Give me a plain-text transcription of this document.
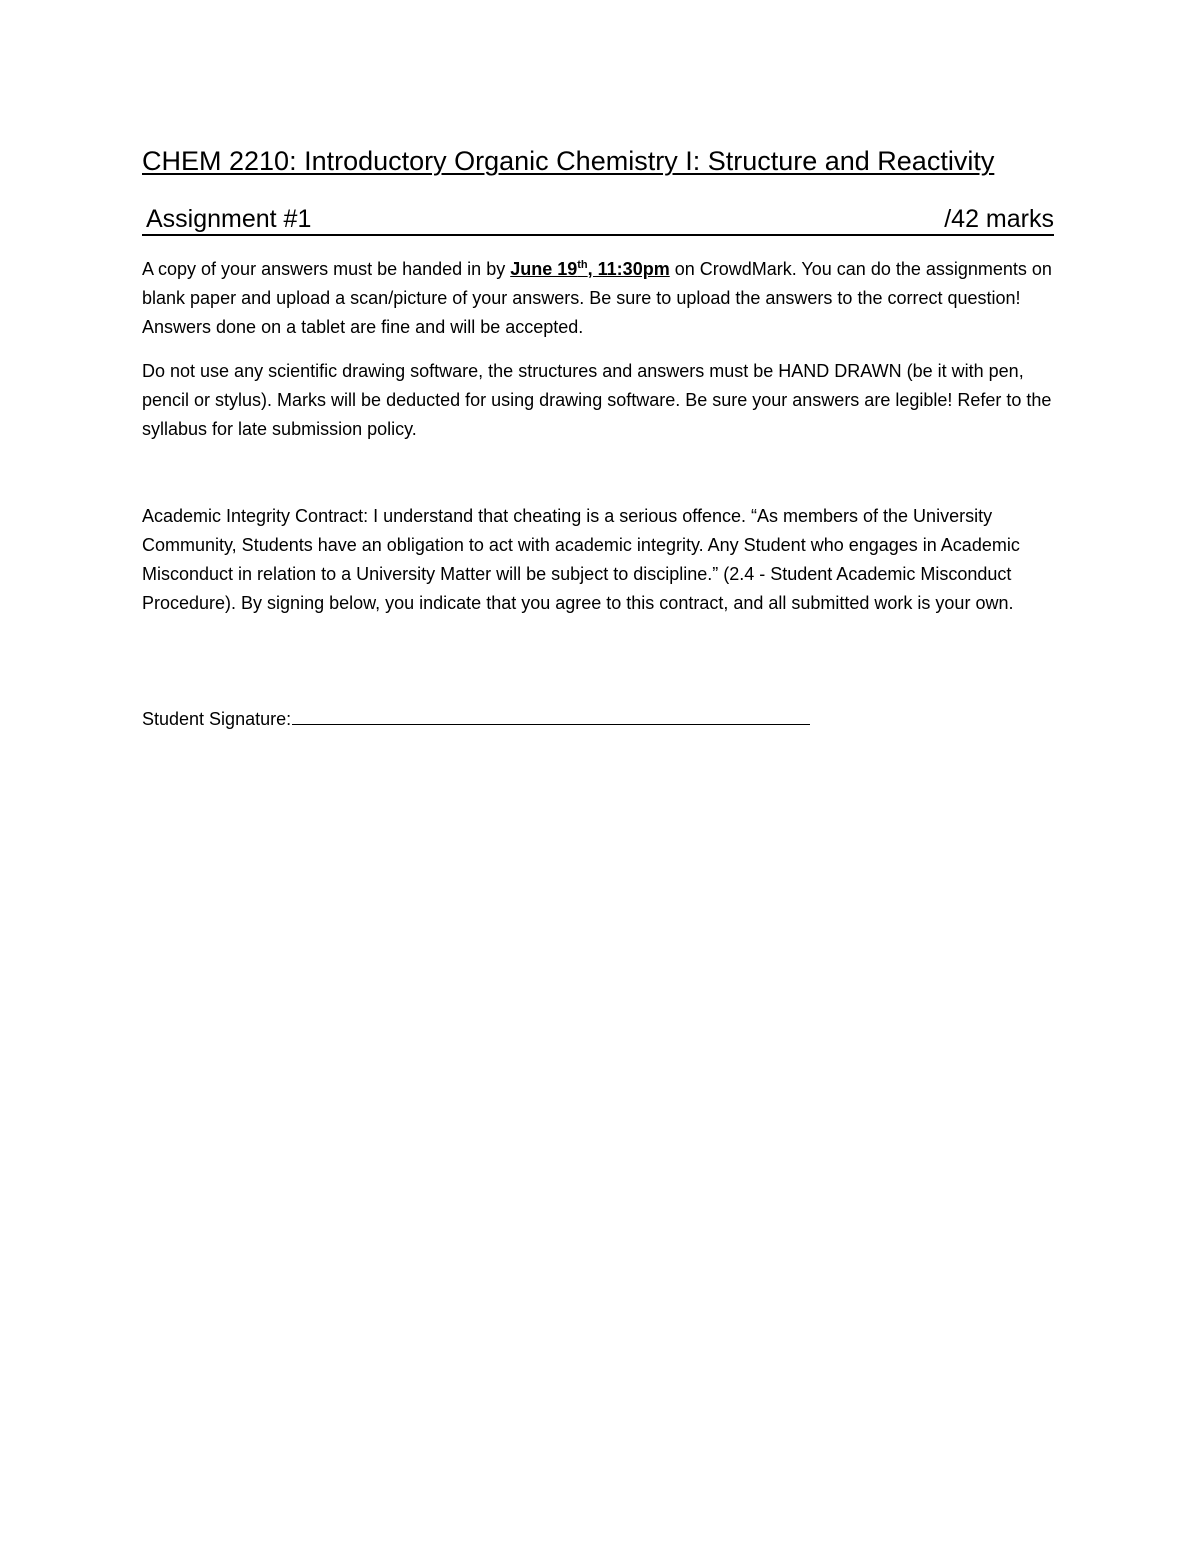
CHEM 2210: Introductory Organic Chemistry I: Structure and Reactivity
Assignment #1	/42 marks

A copy of your answers must be handed in by June 19th, 11:30pm on CrowdMark. You can do the assignments on blank paper and upload a scan/picture of your answers. Be sure to upload the answers to the correct question! Answers done on a tablet are fine and will be accepted.

Do not use any scientific drawing software, the structures and answers must be HAND DRAWN (be it with pen, pencil or stylus). Marks will be deducted for using drawing software. Be sure your answers are legible! Refer to the syllabus for late submission policy.

Academic Integrity Contract: I understand that cheating is a serious offence. “As members of the University Community, Students have an obligation to act with academic integrity. Any Student who engages in Academic Misconduct in relation to a University Matter will be subject to discipline.” (2.4 - Student Academic Misconduct Procedure). By signing below, you indicate that you agree to this contract, and all submitted work is your own.

Student Signature:
